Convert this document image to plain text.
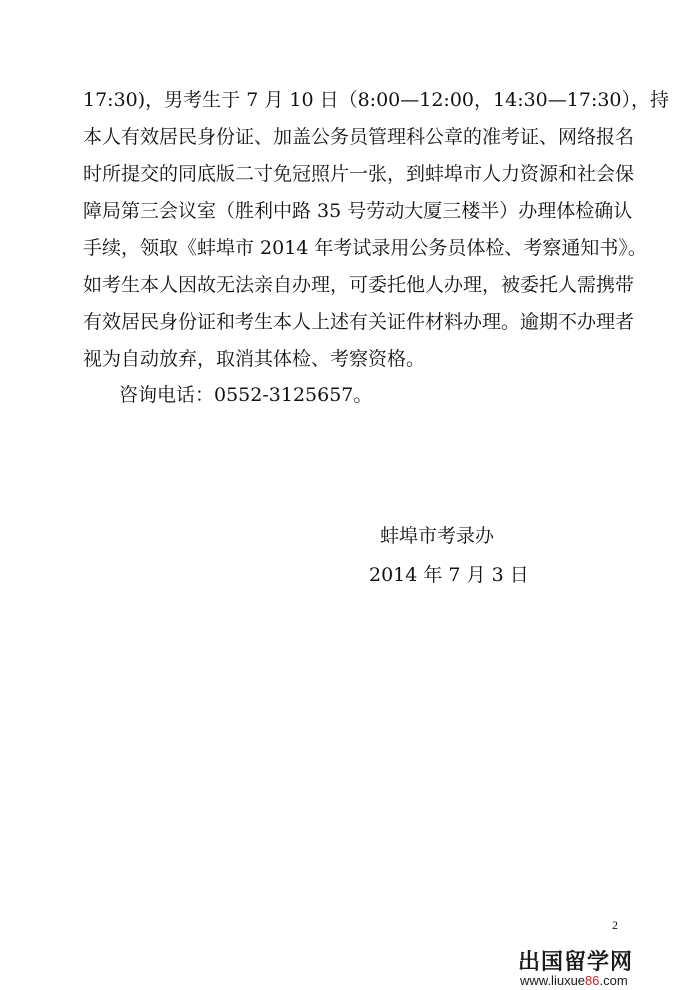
17:30)，男考生于 7 月 10 日（8:00—12:00，14:30—17:30），持
本人有效居民身份证、加盖公务员管理科公章的准考证、网络报名
时所提交的同底版二寸免冠照片一张，到蚌埠市人力资源和社会保
障局第三会议室（胜利中路 35 号劳动大厦三楼半）办理体检确认
手续，领取《蚌埠市 2014 年考试录用公务员体检、考察通知书》。
如考生本人因故无法亲自办理，可委托他人办理，被委托人需携带
有效居民身份证和考生本人上述有关证件材料办理。逾期不办理者
视为自动放弃，取消其体检、考察资格。
咨询电话：0552-3125657。
蚌埠市考录办
2014 年 7 月 3 日
2
出国留学网
www.liuxue86.com
